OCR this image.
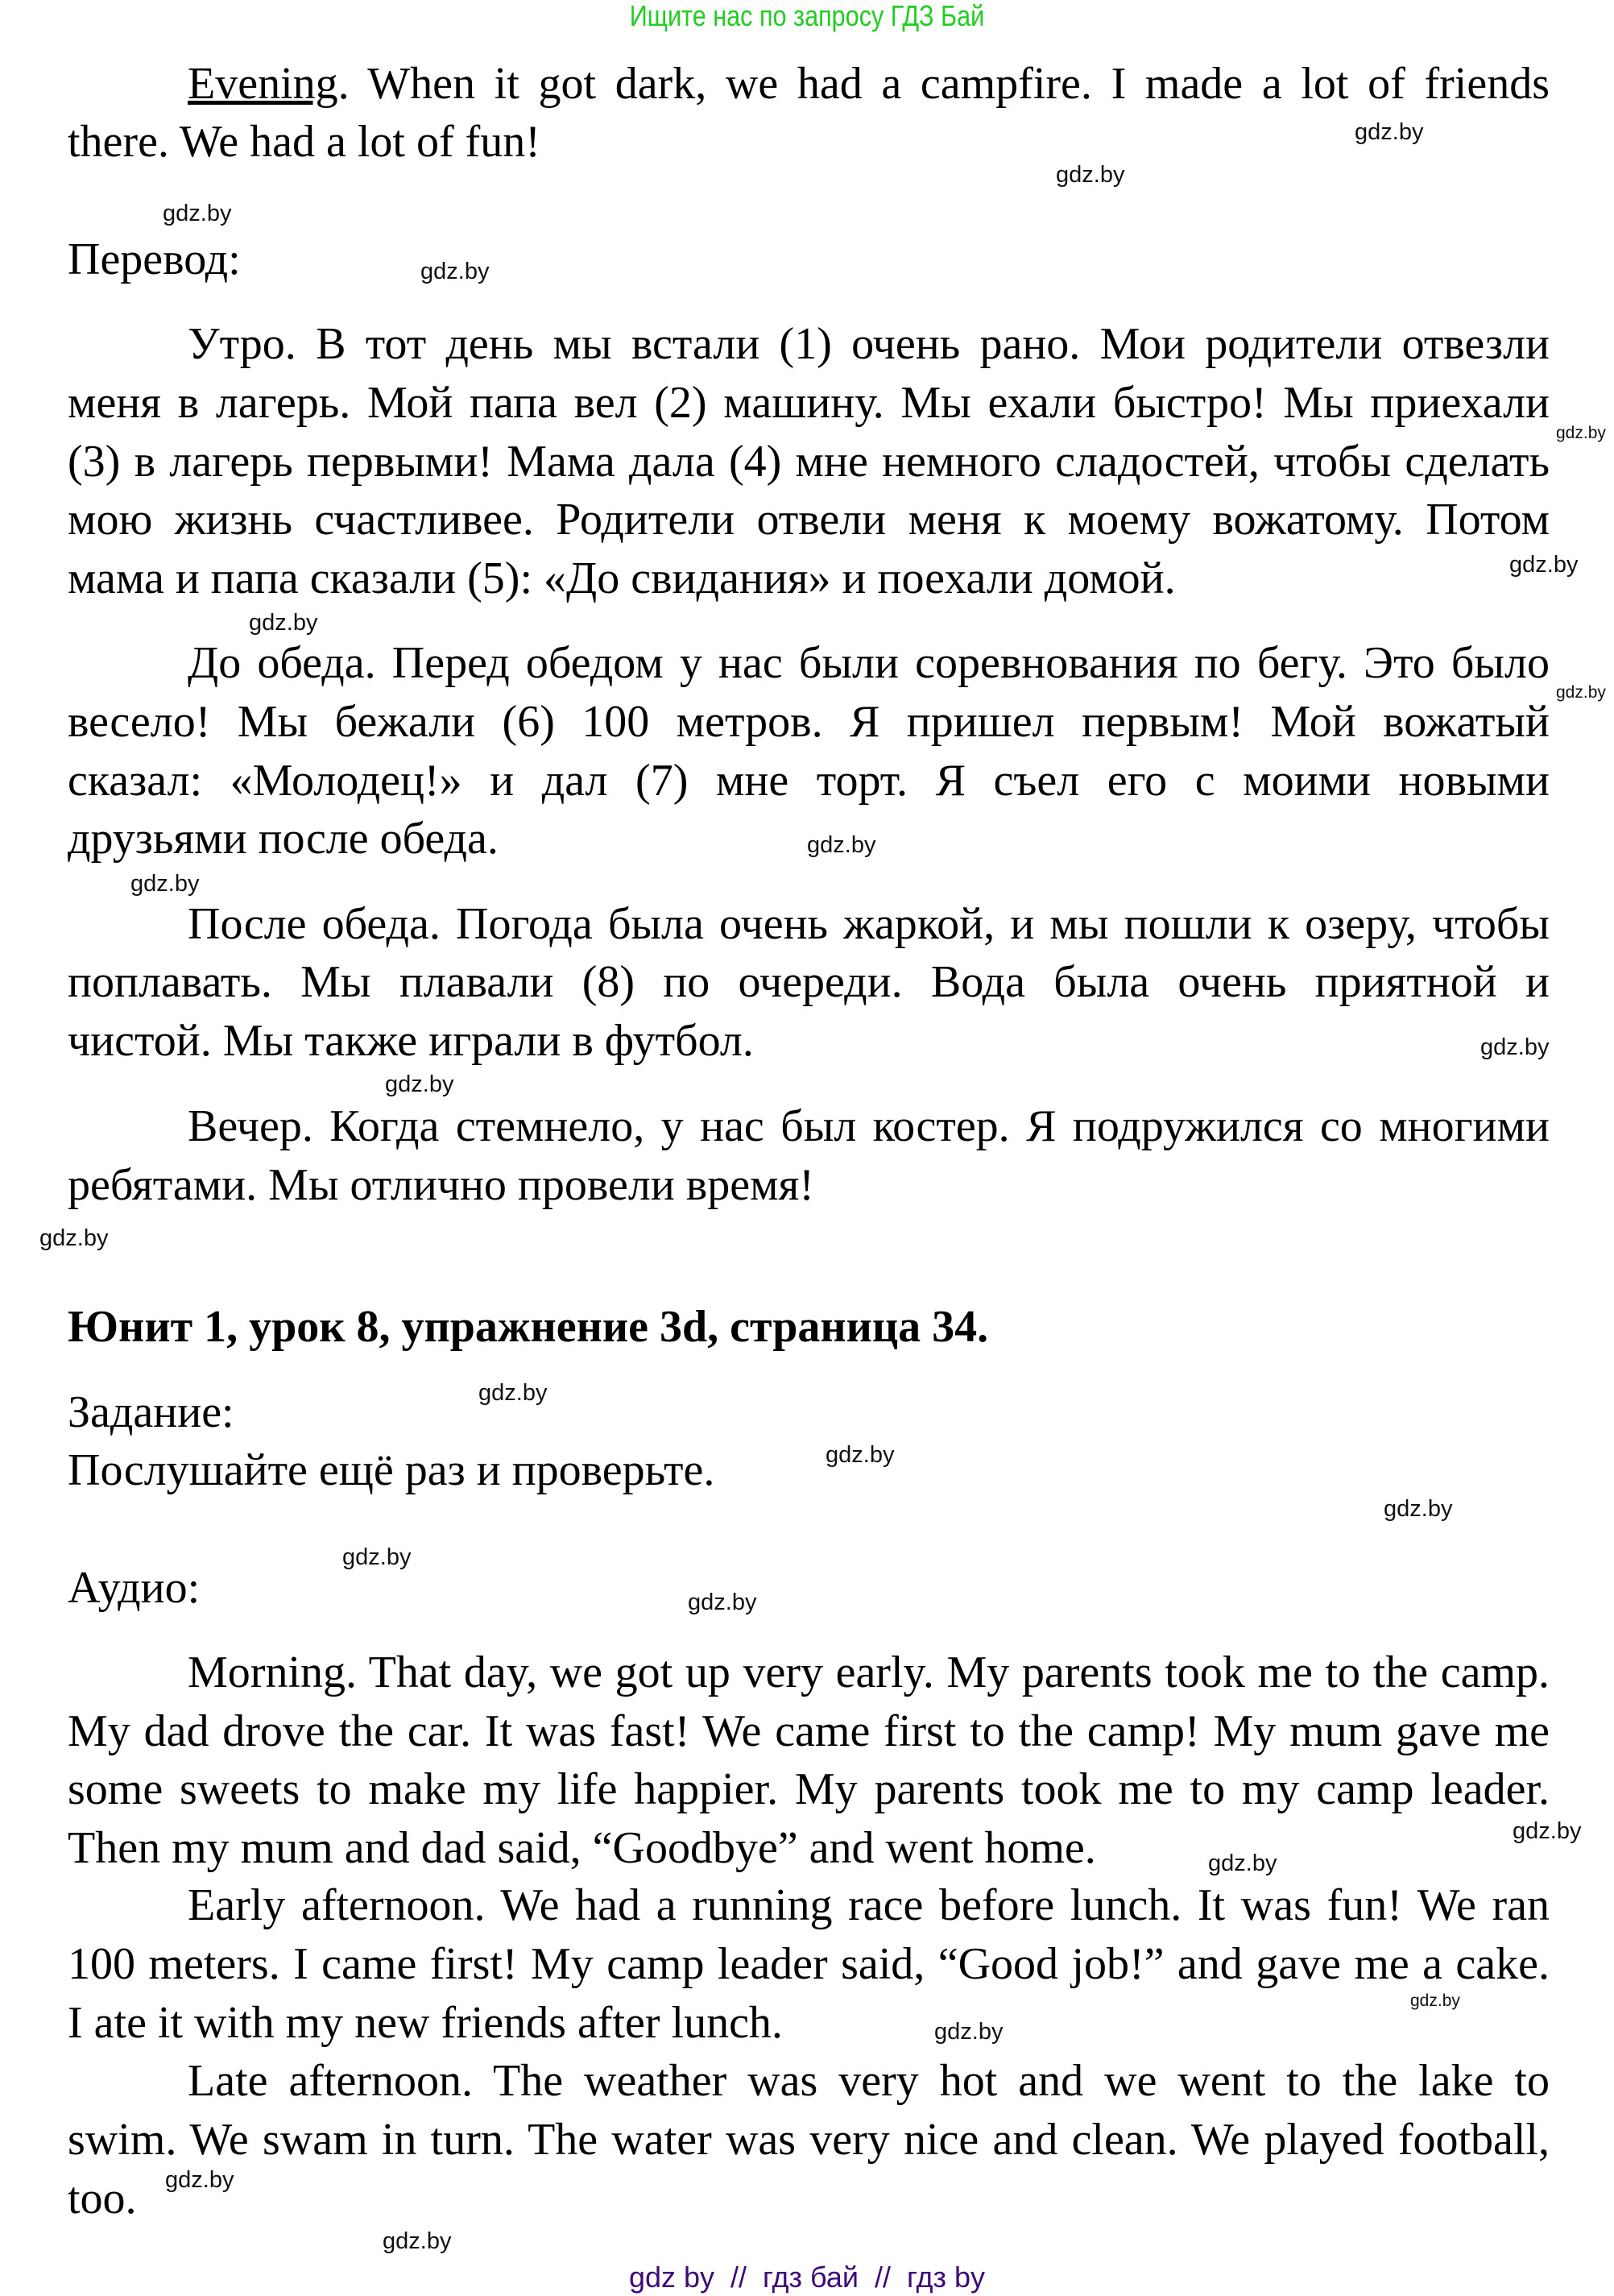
Ищите нас по запросу ГДЗ Бай
Evening. When it got dark, we had a campfire. I made a lot of friends
there. We had a lot of fun!
Перевод:
Утро. В тот день мы встали (1) очень рано. Мои родители отвезли
меня в лагерь. Мой папа вел (2) машину. Мы ехали быстро! Мы приехали
(3) в лагерь первыми! Мама дала (4) мне немного сладостей, чтобы сделать
мою жизнь счастливее. Родители отвели меня к моему вожатому. Потом
мама и папа сказали (5): «До свидания» и поехали домой.
До обеда. Перед обедом у нас были соревнования по бегу. Это было
весело! Мы бежали (6) 100 метров. Я пришел первым! Мой вожатый
сказал: «Молодец!» и дал (7) мне торт. Я съел его с моими новыми
друзьями после обеда.
После обеда. Погода была очень жаркой, и мы пошли к озеру, чтобы
поплавать. Мы плавали (8) по очереди. Вода была очень приятной и
чистой. Мы также играли в футбол.
Вечер. Когда стемнело, у нас был костер. Я подружился со многими
ребятами. Мы отлично провели время!
Юнит 1, урок 8, упражнение 3d, страница 34.
Задание:
Послушайте ещё раз и проверьте.
Аудио:
Morning. That day, we got up very early. My parents took me to the camp.
My dad drove the car. It was fast! We came first to the camp! My mum gave me
some sweets to make my life happier. My parents took me to my camp leader.
Then my mum and dad said, “Goodbye” and went home.
Early afternoon. We had a running race before lunch. It was fun! We ran
100 meters. I came first! My camp leader said, “Good job!” and gave me a cake.
I ate it with my new friends after lunch.
Late afternoon. The weather was very hot and we went to the lake to
swim. We swam in turn. The water was very nice and clean. We played football,
too.
gdz.by
gdz.by
gdz.by
gdz.by
gdz.by
gdz.by
gdz.by
gdz.by
gdz.by
gdz.by
gdz.by
gdz.by
gdz.by
gdz.by
gdz.by
gdz.by
gdz.by
gdz.by
gdz.by
gdz.by
gdz.by
gdz.by
gdz.by
gdz.by
gdz by  //  гдз бай  //  гдз by
